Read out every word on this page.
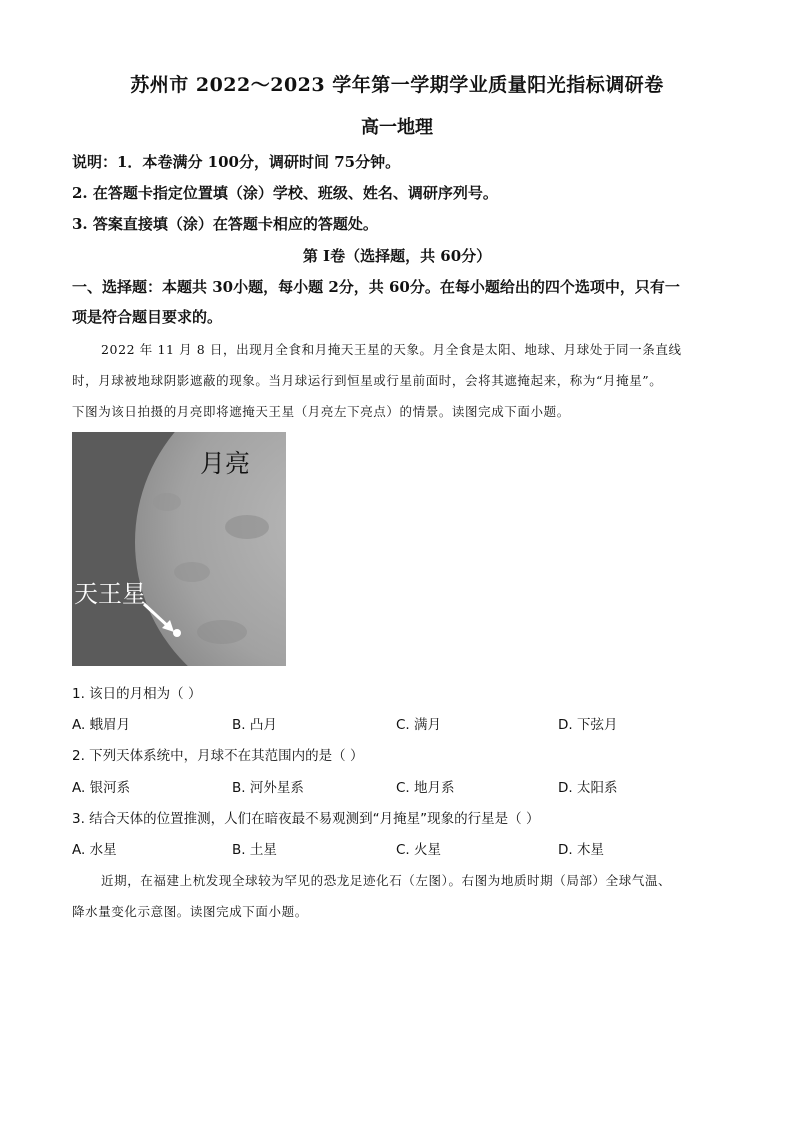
苏州市 2022～2023 学年第一学期学业质量阳光指标调研卷
高一地理
说明：1．本卷满分 100分，调研时间 75分钟。
2. 在答题卡指定位置填（涂）学校、班级、姓名、调研序列号。
3. 答案直接填（涂）在答题卡相应的答题处。
第 I卷（选择题，共 60分）
一、选择题：本题共 30小题，每小题 2分，共 60分。在每小题给出的四个选项中，只有一
项是符合题目要求的。
2022 年 11 月 8 日，出现月全食和月掩天王星的天象。月全食是太阳、地球、月球处于同一条直线
时，月球被地球阴影遮蔽的现象。当月球运行到恒星或行星前面时，会将其遮掩起来，称为“月掩星”。
下图为该日拍摄的月亮即将遮掩天王星（月亮左下亮点）的情景。读图完成下面小题。
月亮
天王星
1. 该日的月相为（ ）
A. 蛾眉月	B. 凸月	C. 满月	D. 下弦月
2. 下列天体系统中，月球不在其范围内的是（ ）
A. 银河系	B. 河外星系	C. 地月系	D. 太阳系
3. 结合天体的位置推测，人们在暗夜最不易观测到“月掩星”现象的行星是（ ）
A. 水星	B. 土星	C. 火星	D. 木星
近期，在福建上杭发现全球较为罕见的恐龙足迹化石（左图）。右图为地质时期（局部）全球气温、
降水量变化示意图。读图完成下面小题。
